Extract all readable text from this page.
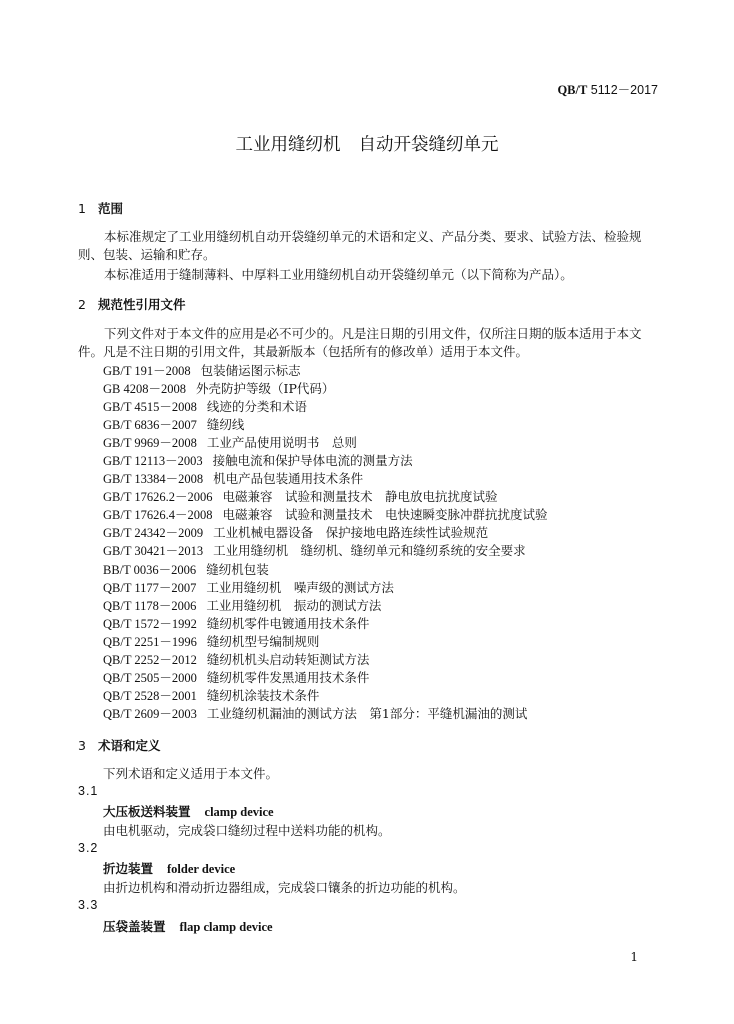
QB/T 5112－2017
工业用缝纫机 自动开袋缝纫单元
1 范围
本标准规定了工业用缝纫机自动开袋缝纫单元的术语和定义、产品分类、要求、试验方法、检验规则、包装、运输和贮存。
本标准适用于缝制薄料、中厚料工业用缝纫机自动开袋缝纫单元（以下简称为产品）。
2 规范性引用文件
下列文件对于本文件的应用是必不可少的。凡是注日期的引用文件，仅所注日期的版本适用于本文件。凡是不注日期的引用文件，其最新版本（包括所有的修改单）适用于本文件。
GB/T 191－2008 包装储运图示标志
GB 4208－2008 外壳防护等级（IP代码）
GB/T 4515－2008 线迹的分类和术语
GB/T 6836－2007 缝纫线
GB/T 9969－2008 工业产品使用说明书　总则
GB/T 12113－2003 接触电流和保护导体电流的测量方法
GB/T 13384－2008 机电产品包装通用技术条件
GB/T 17626.2－2006 电磁兼容　试验和测量技术　静电放电抗扰度试验
GB/T 17626.4－2008 电磁兼容　试验和测量技术　电快速瞬变脉冲群抗扰度试验
GB/T 24342－2009 工业机械电器设备　保护接地电路连续性试验规范
GB/T 30421－2013 工业用缝纫机　缝纫机、缝纫单元和缝纫系统的安全要求
BB/T 0036－2006 缝纫机包装
QB/T 1177－2007 工业用缝纫机　噪声级的测试方法
QB/T 1178－2006 工业用缝纫机　振动的测试方法
QB/T 1572－1992 缝纫机零件电镀通用技术条件
QB/T 2251－1996 缝纫机型号编制规则
QB/T 2252－2012 缝纫机机头启动转矩测试方法
QB/T 2505－2000 缝纫机零件发黑通用技术条件
QB/T 2528－2001 缝纫机涂装技术条件
QB/T 2609－2003 工业缝纫机漏油的测试方法　第1部分：平缝机漏油的测试
3 术语和定义
下列术语和定义适用于本文件。
3.1
大压板送料装置 clamp device
由电机驱动，完成袋口缝纫过程中送料功能的机构。
3.2
折边装置 folder device
由折边机构和滑动折边器组成，完成袋口镶条的折边功能的机构。
3.3
压袋盖装置 flap clamp device
1
